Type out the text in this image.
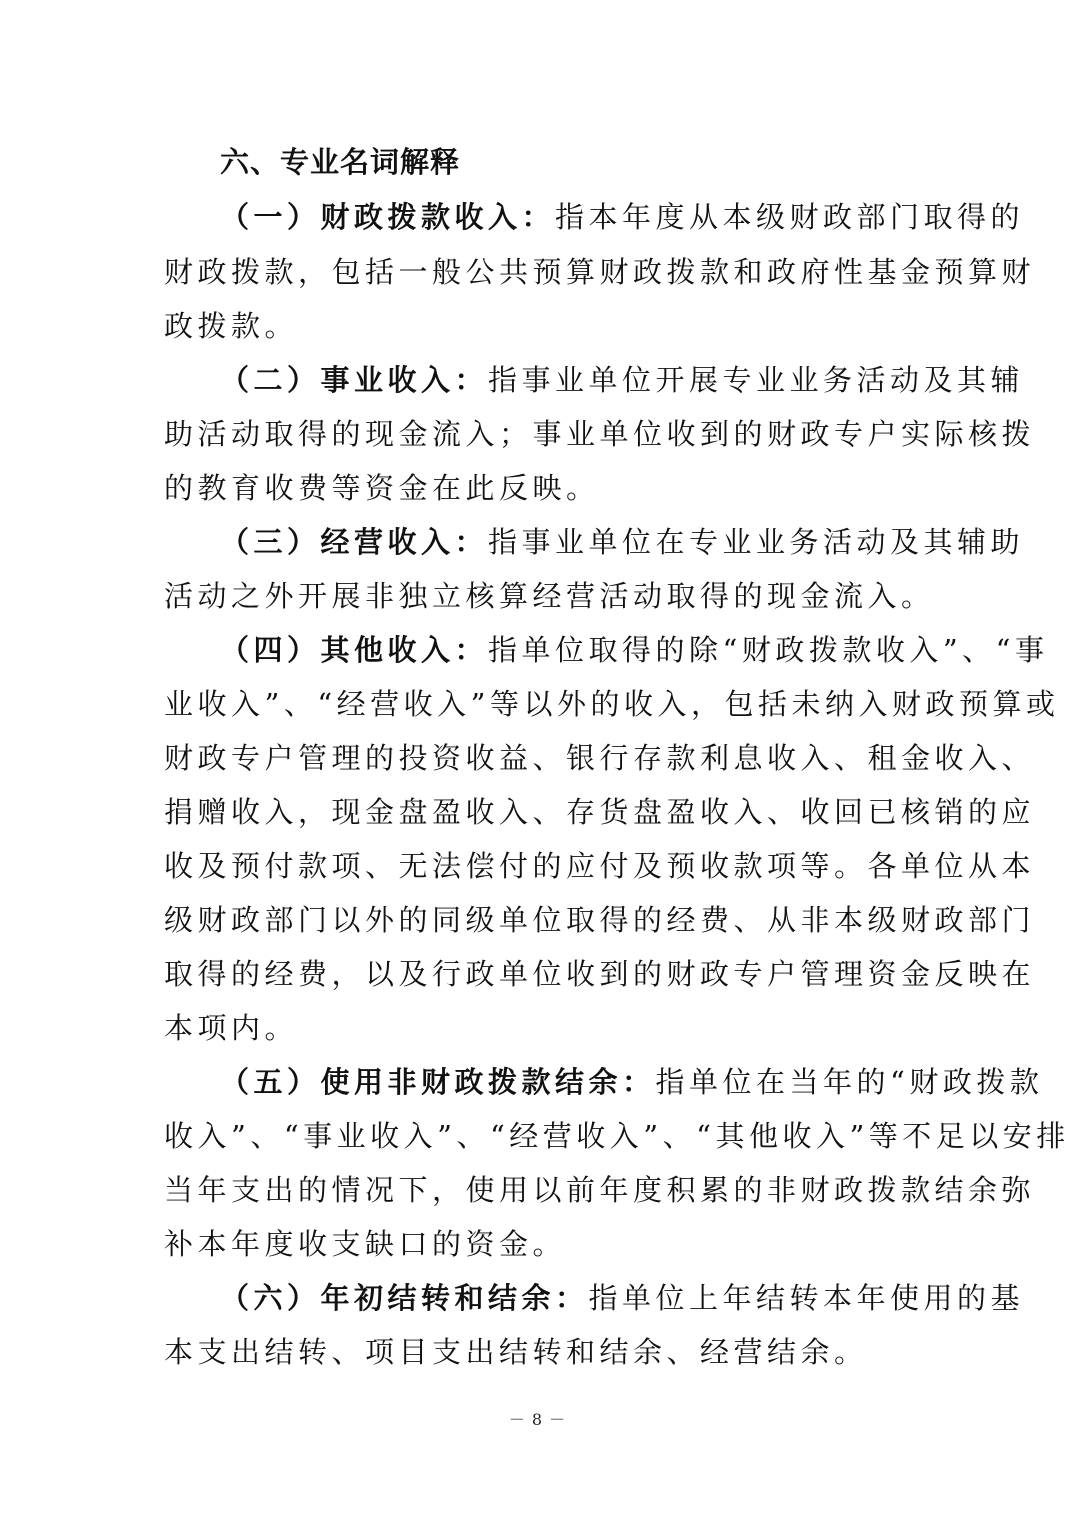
六、专业名词解释
（一）财政拨款收入：指本年度从本级财政部门取得的
财政拨款，包括一般公共预算财政拨款和政府性基金预算财
政拨款。
（二）事业收入：指事业单位开展专业业务活动及其辅
助活动取得的现金流入；事业单位收到的财政专户实际核拨
的教育收费等资金在此反映。
（三）经营收入：指事业单位在专业业务活动及其辅助
活动之外开展非独立核算经营活动取得的现金流入。
（四）其他收入：指单位取得的除“财政拨款收入”、“事
业收入”、“经营收入”等以外的收入，包括未纳入财政预算或
财政专户管理的投资收益、银行存款利息收入、租金收入、
捐赠收入，现金盘盈收入、存货盘盈收入、收回已核销的应
收及预付款项、无法偿付的应付及预收款项等。各单位从本
级财政部门以外的同级单位取得的经费、从非本级财政部门
取得的经费，以及行政单位收到的财政专户管理资金反映在
本项内。
（五）使用非财政拨款结余：指单位在当年的“财政拨款
收入”、“事业收入”、“经营收入”、“其他收入”等不足以安排
当年支出的情况下，使用以前年度积累的非财政拨款结余弥
补本年度收支缺口的资金。
（六）年初结转和结余：指单位上年结转本年使用的基
本支出结转、项目支出结转和结余、经营结余。
－ 8 －
